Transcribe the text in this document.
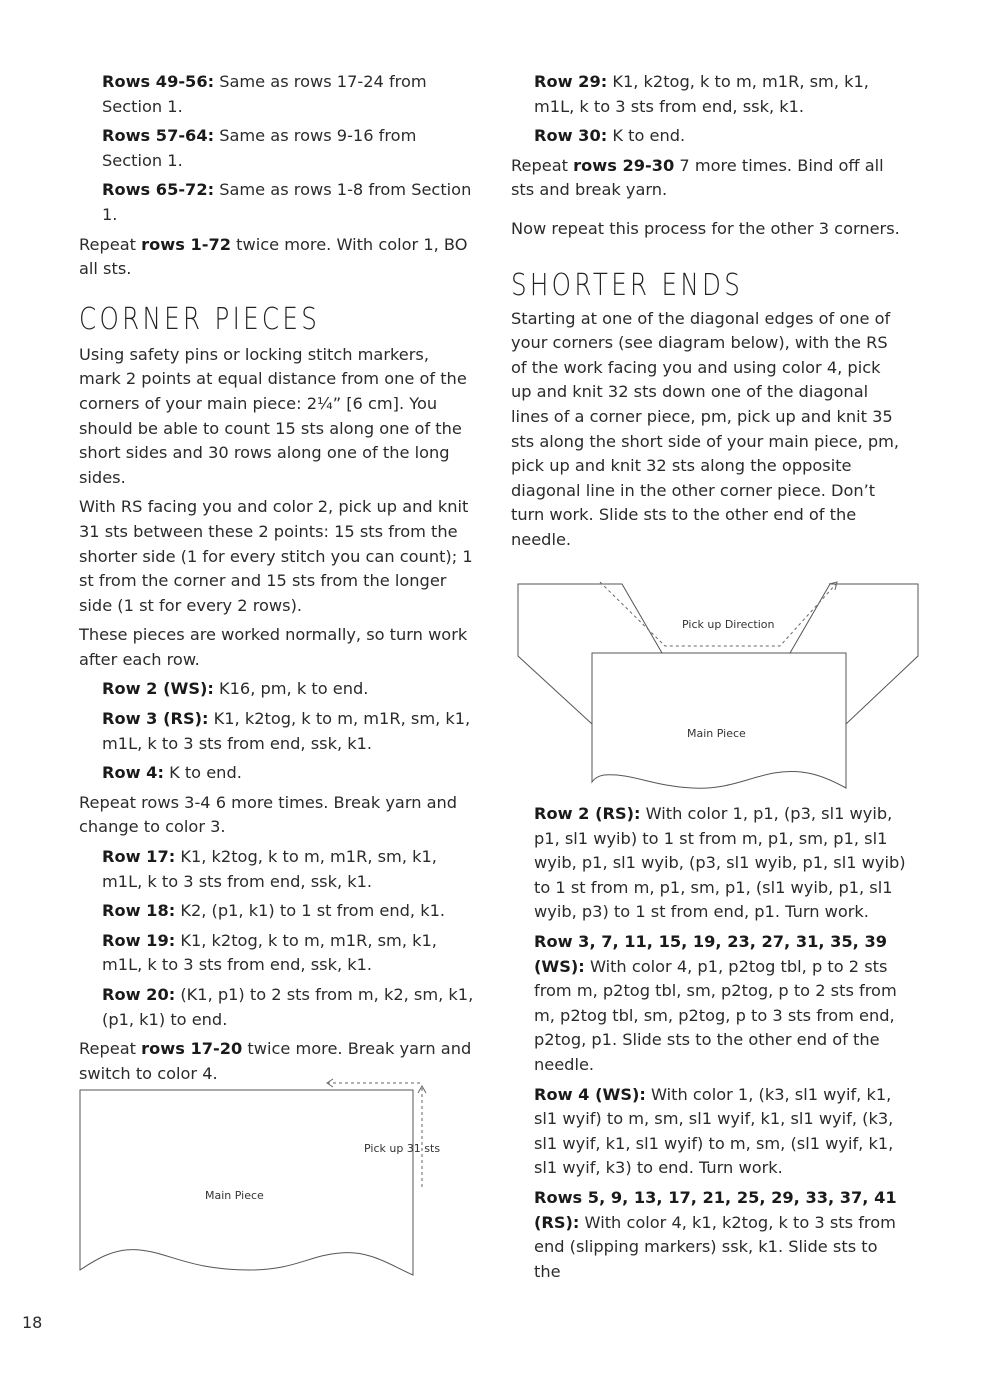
Rows 49-56: Same as rows 17-24 from Section 1.

Rows 57-64: Same as rows 9-16 from Section 1.

Rows 65-72: Same as rows 1-8 from Section 1.

Repeat rows 1-72 twice more. With color 1, BO all sts.

CORNER PIECES

Using safety pins or locking stitch markers, mark 2 points at equal distance from one of the corners of your main piece: 2¼” [6 cm]. You should be able to count 15 sts along one of the short sides and 30 rows along one of the long sides.

With RS facing you and color 2, pick up and knit 31 sts between these 2 points: 15 sts from the shorter side (1 for every stitch you can count); 1 st from the corner and 15 sts from the longer side (1 st for every 2 rows).

These pieces are worked normally, so turn work after each row.

Row 2 (WS): K16, pm, k to end.

Row 3 (RS): K1, k2tog, k to m, m1R, sm, k1, m1L, k to 3 sts from end, ssk, k1.

Row 4: K to end.

Repeat rows 3-4 6 more times. Break yarn and change to color 3.

Row 17: K1, k2tog, k to m, m1R, sm, k1, m1L, k to 3 sts from end, ssk, k1.

Row 18: K2, (p1, k1) to 1 st from end, k1.

Row 19: K1, k2tog, k to m, m1R, sm, k1, m1L, k to 3 sts from end, ssk, k1.

Row 20: (K1, p1) to 2 sts from m, k2, sm, k1, (p1, k1) to end.

Repeat rows 17-20 twice more. Break yarn and switch to color 4.

Pick up 31 sts
Main Piece

Row 29: K1, k2tog, k to m, m1R, sm, k1, m1L, k to 3 sts from end, ssk, k1.

Row 30: K to end.

Repeat rows 29-30 7 more times. Bind off all sts and break yarn.

Now repeat this process for the other 3 corners.

SHORTER ENDS

Starting at one of the diagonal edges of one of your corners (see diagram below), with the RS of the work facing you and using color 4, pick up and knit 32 sts down one of the diagonal lines of a corner piece, pm, pick up and knit 35 sts along the short side of your main piece, pm, pick up and knit 32 sts along the opposite diagonal line in the other corner piece. Don’t turn work. Slide sts to the other end of the needle.

Pick up Direction
Main Piece

Row 2 (RS): With color 1, p1, (p3, sl1 wyib, p1, sl1 wyib) to 1 st from m, p1, sm, p1, sl1 wyib, p1, sl1 wyib, (p3, sl1 wyib, p1, sl1 wyib) to 1 st from m, p1, sm, p1, (sl1 wyib, p1, sl1 wyib, p3) to 1 st from end, p1. Turn work.

Row 3, 7, 11, 15, 19, 23, 27, 31, 35, 39 (WS): With color 4, p1, p2tog tbl, p to 2 sts from m, p2tog tbl, sm, p2tog, p to 2 sts from m, p2tog tbl, sm, p2tog, p to 3 sts from end, p2tog, p1. Slide sts to the other end of the needle.

Row 4 (WS): With color 1, (k3, sl1 wyif, k1, sl1 wyif) to m, sm, sl1 wyif, k1, sl1 wyif, (k3, sl1 wyif, k1, sl1 wyif) to m, sm, (sl1 wyif, k1, sl1 wyif, k3) to end. Turn work.

Rows 5, 9, 13, 17, 21, 25, 29, 33, 37, 41 (RS): With color 4, k1, k2tog, k to 3 sts from end (slipping markers) ssk, k1. Slide sts to the

18
